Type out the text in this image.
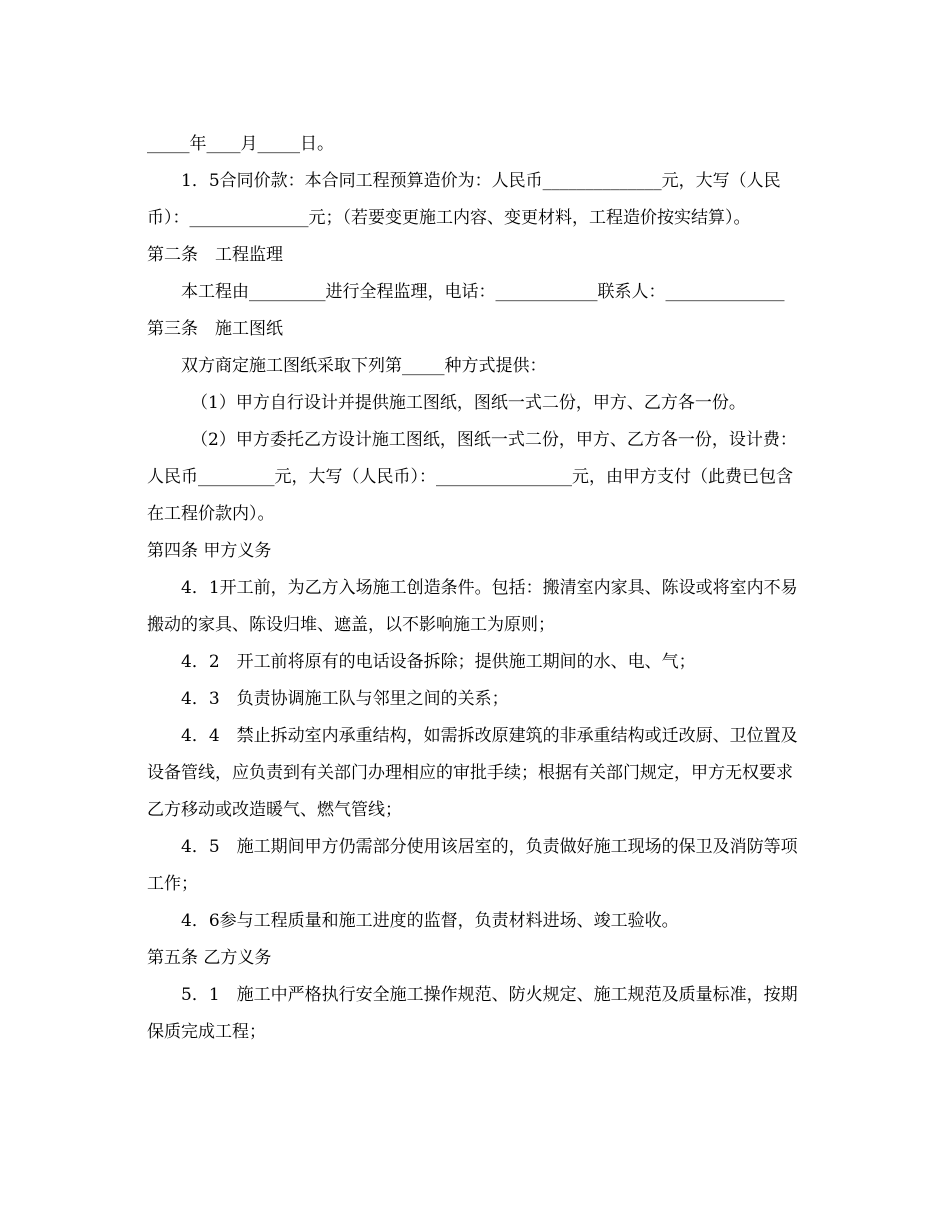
_____年____月_____日。

1．5合同价款：本合同工程预算造价为：人民币______________元，大写（人民币）：______________元；（若要变更施工内容、变更材料，工程造价按实结算）。

第二条　工程监理

本工程由_________进行全程监理，电话：____________联系人：______________

第三条　施工图纸

双方商定施工图纸采取下列第_____种方式提供：

（1）甲方自行设计并提供施工图纸，图纸一式二份，甲方、乙方各一份。

（2）甲方委托乙方设计施工图纸，图纸一式二份，甲方、乙方各一份，设计费：人民币_________元，大写（人民币）：________________元，由甲方支付（此费已包含在工程价款内）。

第四条 甲方义务

4．1开工前，为乙方入场施工创造条件。包括：搬清室内家具、陈设或将室内不易搬动的家具、陈设归堆、遮盖，以不影响施工为原则；

4．2　开工前将原有的电话设备拆除；提供施工期间的水、电、气；

4．3　负责协调施工队与邻里之间的关系；

4．4　禁止拆动室内承重结构，如需拆改原建筑的非承重结构或迁改厨、卫位置及设备管线，应负责到有关部门办理相应的审批手续；根据有关部门规定，甲方无权要求乙方移动或改造暖气、燃气管线；

4．5　施工期间甲方仍需部分使用该居室的，负责做好施工现场的保卫及消防等项工作；

4．6参与工程质量和施工进度的监督，负责材料进场、竣工验收。

第五条 乙方义务

5．1　施工中严格执行安全施工操作规范、防火规定、施工规范及质量标准，按期保质完成工程；
